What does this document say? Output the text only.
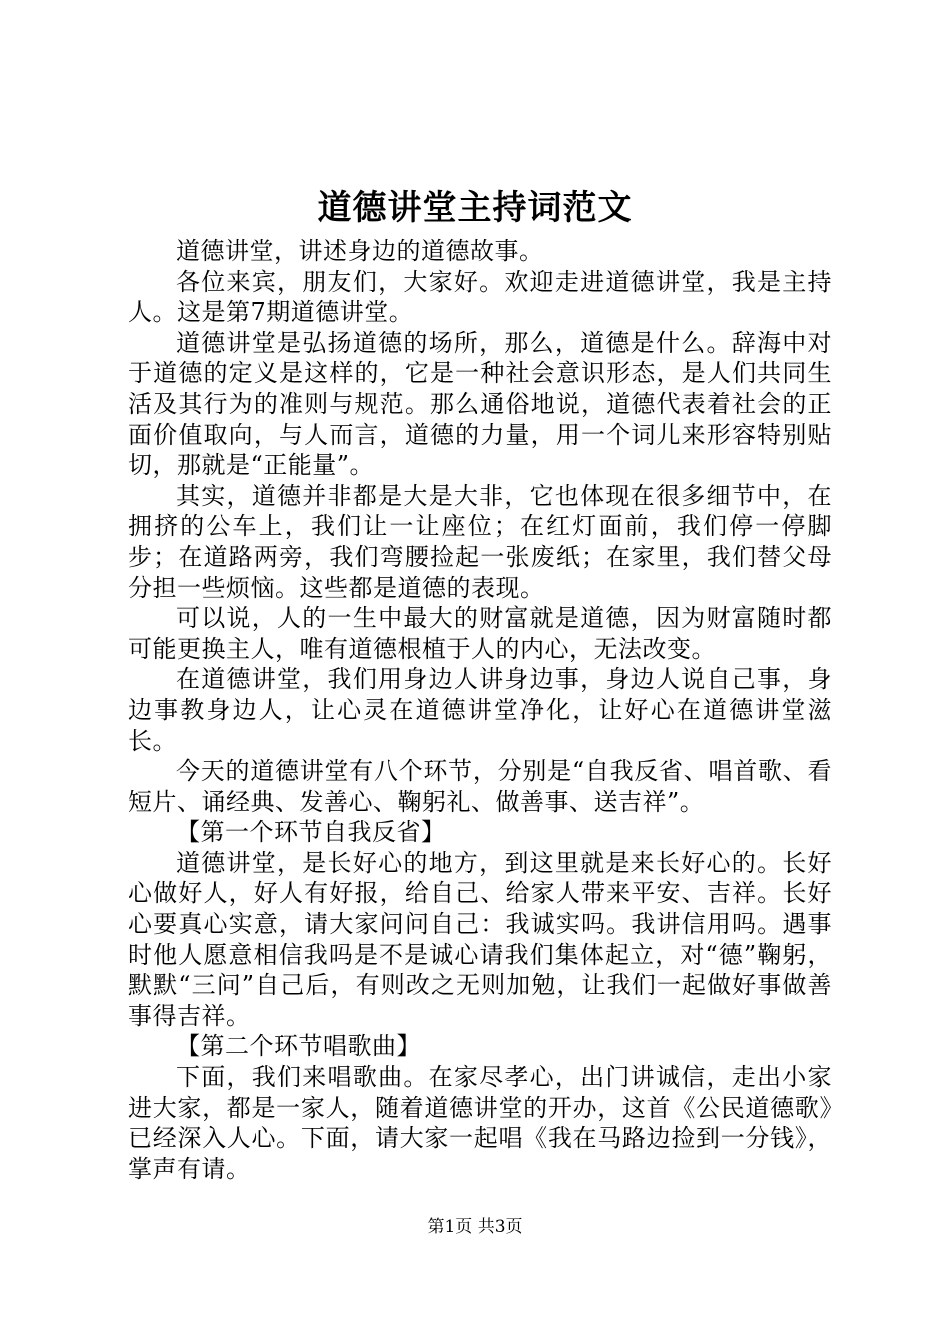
道德讲堂主持词范文

道德讲堂，讲述身边的道德故事。

各位来宾，朋友们，大家好。欢迎走进道德讲堂，我是主持人。这是第7期道德讲堂。

道德讲堂是弘扬道德的场所，那么，道德是什么。辞海中对于道德的定义是这样的，它是一种社会意识形态，是人们共同生活及其行为的准则与规范。那么通俗地说，道德代表着社会的正面价值取向，与人而言，道德的力量，用一个词儿来形容特别贴切，那就是“正能量”。

其实，道德并非都是大是大非，它也体现在很多细节中，在拥挤的公车上，我们让一让座位；在红灯面前，我们停一停脚步；在道路两旁，我们弯腰捡起一张废纸；在家里，我们替父母分担一些烦恼。这些都是道德的表现。

可以说，人的一生中最大的财富就是道德，因为财富随时都可能更换主人，唯有道德根植于人的内心，无法改变。

在道德讲堂，我们用身边人讲身边事，身边人说自己事，身边事教身边人，让心灵在道德讲堂净化，让好心在道德讲堂滋长。

今天的道德讲堂有八个环节，分别是“自我反省、唱首歌、看短片、诵经典、发善心、鞠躬礼、做善事、送吉祥”。

【第一个环节自我反省】

道德讲堂，是长好心的地方，到这里就是来长好心的。长好心做好人，好人有好报，给自己、给家人带来平安、吉祥。长好心要真心实意，请大家问问自己：我诚实吗。我讲信用吗。遇事时他人愿意相信我吗是不是诚心请我们集体起立，对“德”鞠躬，默默“三问”自己后，有则改之无则加勉，让我们一起做好事做善事得吉祥。

【第二个环节唱歌曲】

下面，我们来唱歌曲。在家尽孝心，出门讲诚信，走出小家进大家，都是一家人，随着道德讲堂的开办，这首《公民道德歌》已经深入人心。下面，请大家一起唱《我在马路边捡到一分钱》，掌声有请。

第1页 共3页
